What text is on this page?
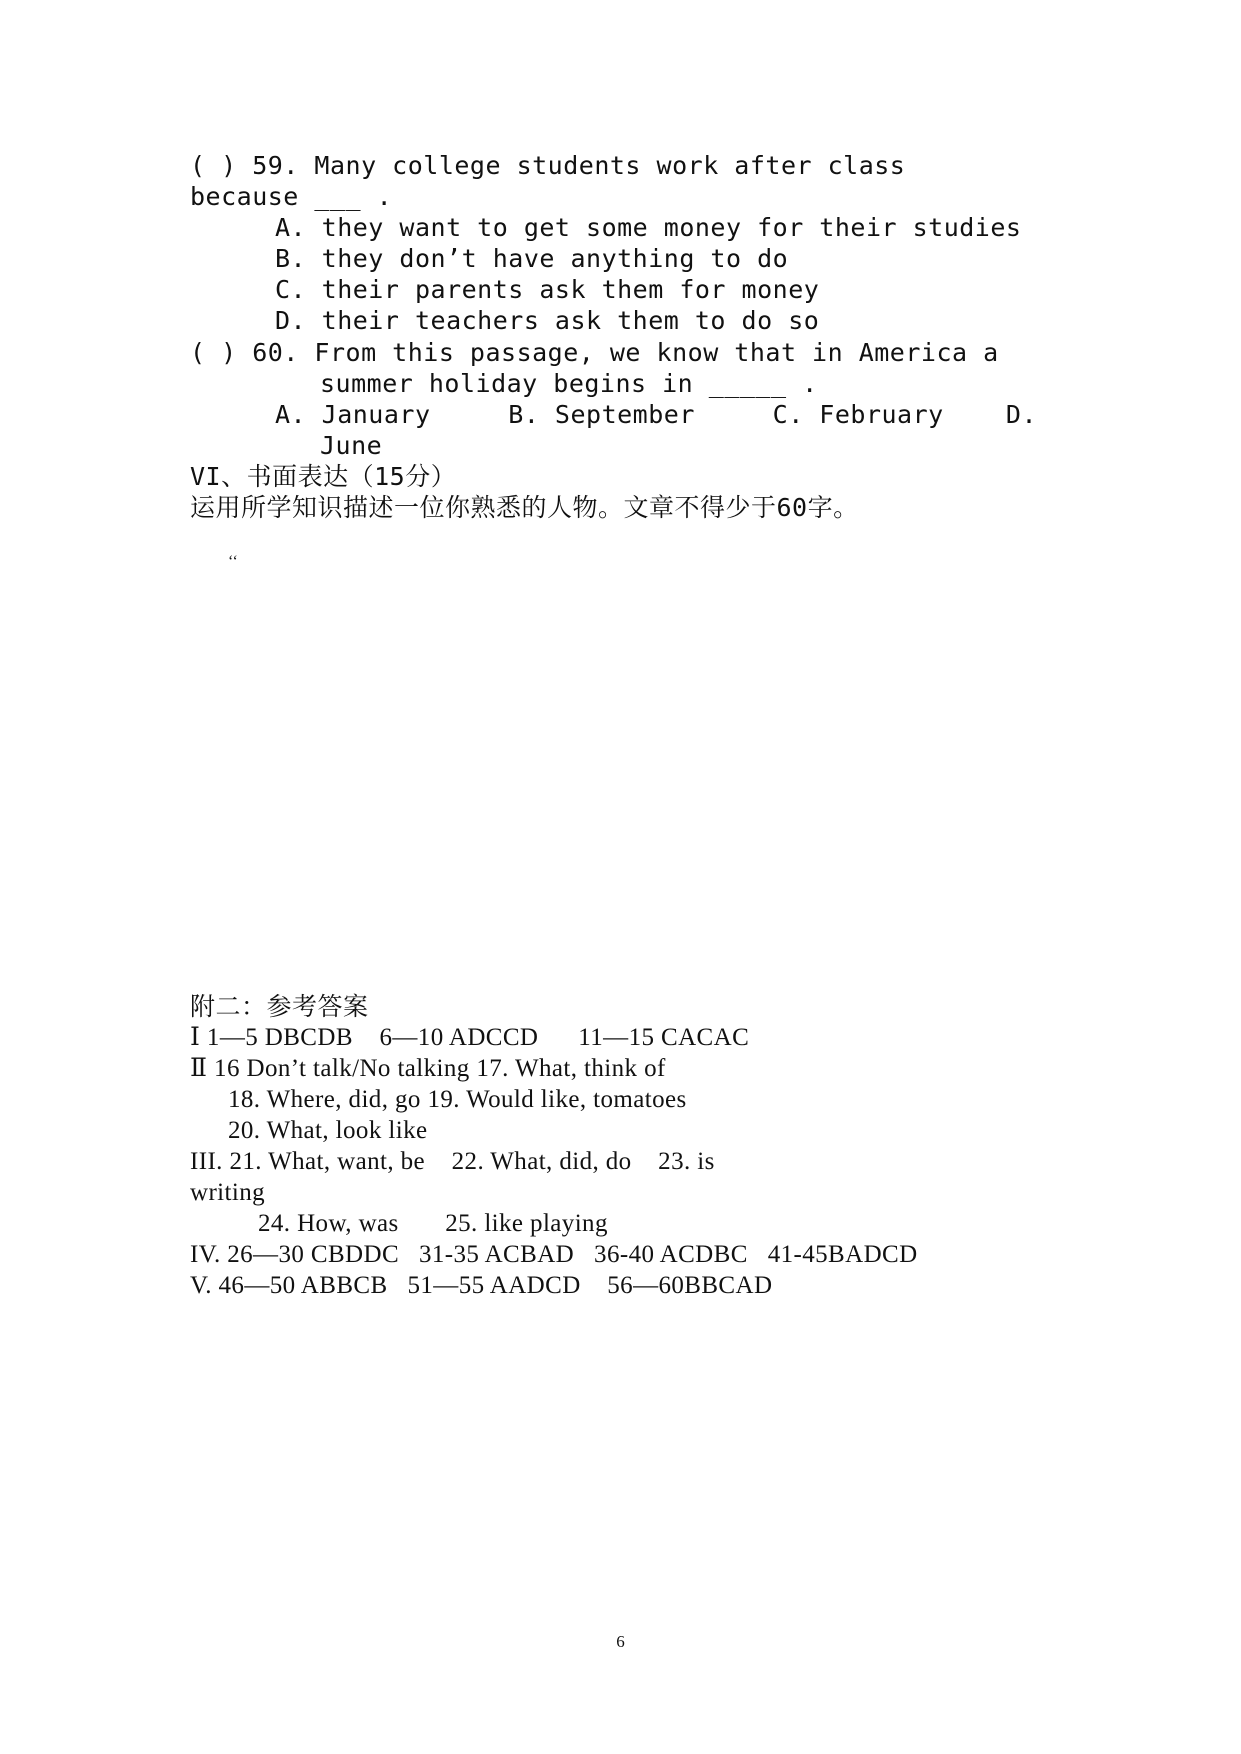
( ) 59. Many college students work after class
because ___ .
A. they want to get some money for their studies
B. they don’t have anything to do
C. their parents ask them for money
D. their teachers ask them to do so
( ) 60. From this passage, we know that in America a
summer holiday begins in _____ .
A. January     B. September     C. February    D.
June
VI、书面表达（15分）
运用所学知识描述一位你熟悉的人物。文章不得少于60字。
‘‘
附二：参考答案
Ⅰ 1—5 DBCDB    6—10 ADCCD      11—15 CACAC
Ⅱ 16 Don’t talk/No talking 17. What, think of
18. Where, did, go 19. Would like, tomatoes
20. What, look like
III. 21. What, want, be    22. What, did, do    23. is
writing
24. How, was       25. like playing
IV. 26—30 CBDDC   31-35 ACBAD   36-40 ACDBC   41-45BADCD
V. 46—50 ABBCB   51—55 AADCD    56—60BBCAD
6
